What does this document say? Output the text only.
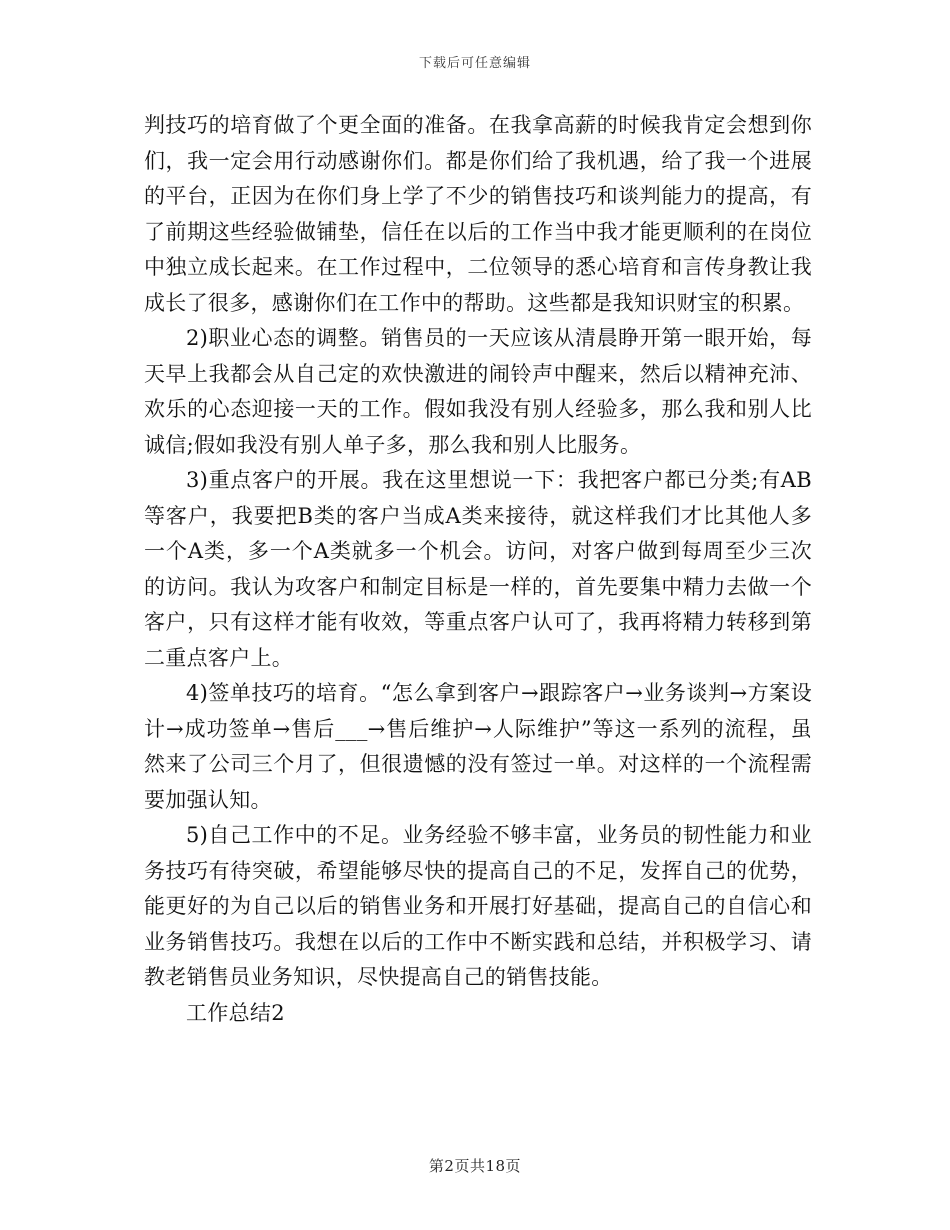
下载后可任意编辑

判技巧的培育做了个更全面的准备。在我拿高薪的时候我肯定会想到你们，我一定会用行动感谢你们。都是你们给了我机遇，给了我一个进展的平台，正因为在你们身上学了不少的销售技巧和谈判能力的提高，有了前期这些经验做铺垫，信任在以后的工作当中我才能更顺利的在岗位中独立成长起来。在工作过程中，二位领导的悉心培育和言传身教让我成长了很多，感谢你们在工作中的帮助。这些都是我知识财宝的积累。

2)职业心态的调整。销售员的一天应该从清晨睁开第一眼开始，每天早上我都会从自己定的欢快激进的闹铃声中醒来，然后以精神充沛、欢乐的心态迎接一天的工作。假如我没有别人经验多，那么我和别人比诚信;假如我没有别人单子多，那么我和别人比服务。

3)重点客户的开展。我在这里想说一下：我把客户都已分类;有AB等客户，我要把B类的客户当成A类来接待，就这样我们才比其他人多一个A类，多一个A类就多一个机会。访问，对客户做到每周至少三次的访问。我认为攻客户和制定目标是一样的，首先要集中精力去做一个客户，只有这样才能有收效，等重点客户认可了，我再将精力转移到第二重点客户上。

4)签单技巧的培育。“怎么拿到客户→跟踪客户→业务谈判→方案设计→成功签单→售后___→售后维护→人际维护”等这一系列的流程，虽然来了公司三个月了，但很遗憾的没有签过一单。对这样的一个流程需要加强认知。

5)自己工作中的不足。业务经验不够丰富，业务员的韧性能力和业务技巧有待突破，希望能够尽快的提高自己的不足，发挥自己的优势，能更好的为自己以后的销售业务和开展打好基础，提高自己的自信心和业务销售技巧。我想在以后的工作中不断实践和总结，并积极学习、请教老销售员业务知识，尽快提高自己的销售技能。

工作总结2

第2页共18页
